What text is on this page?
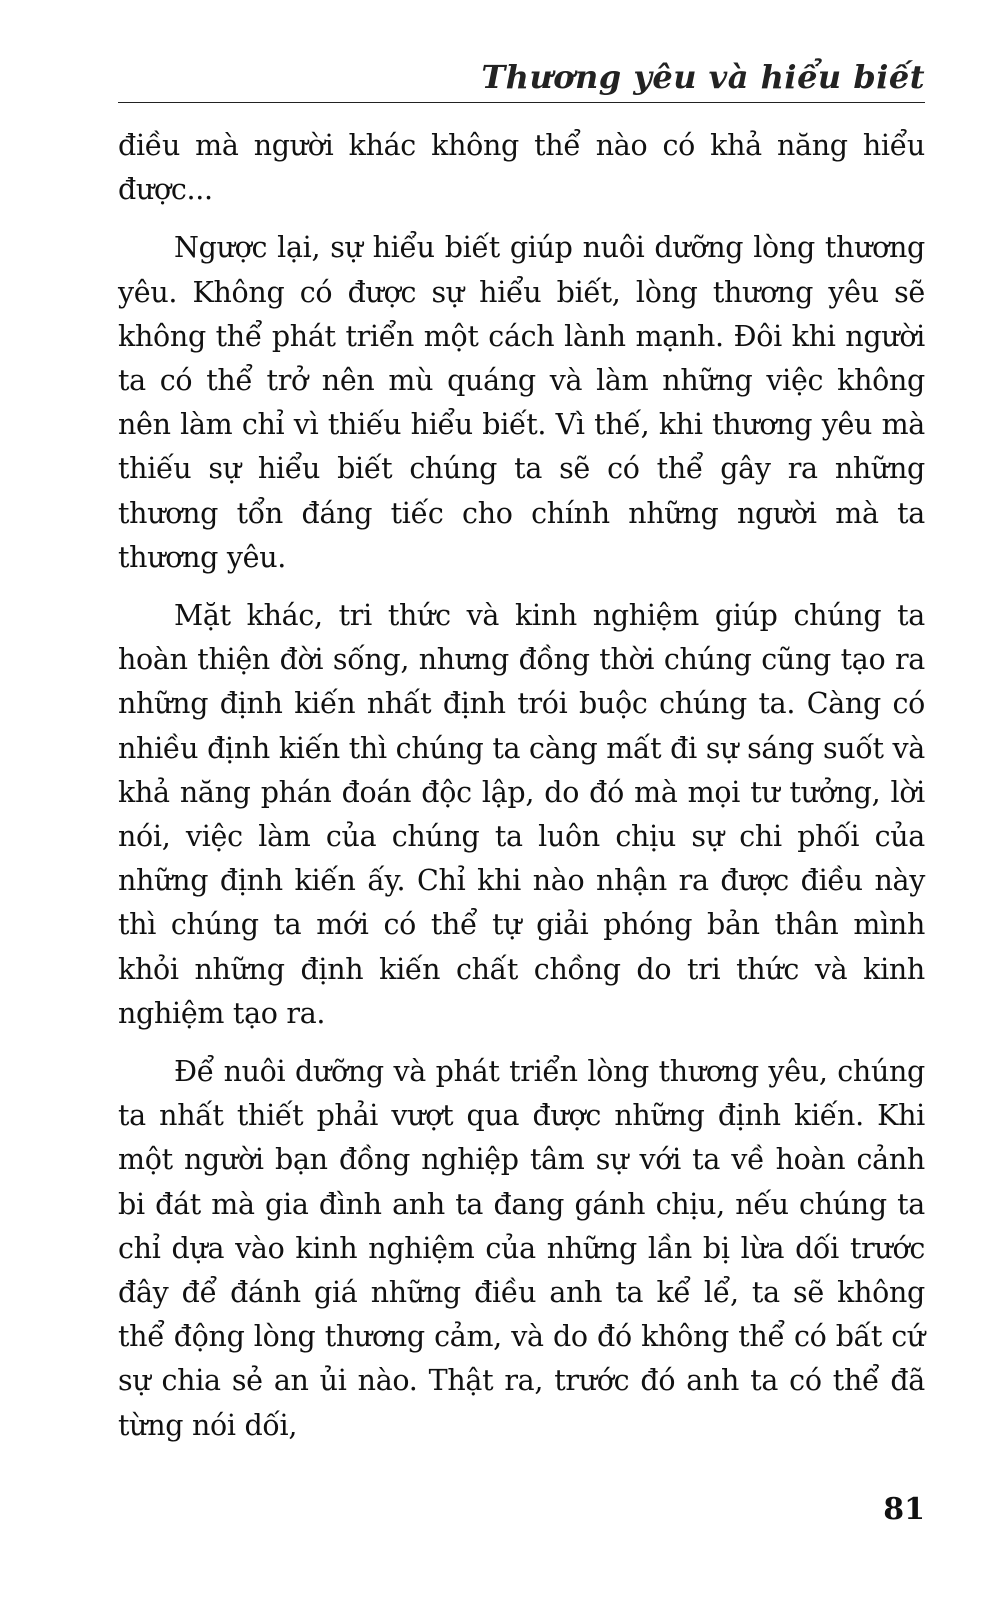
Thương yêu và hiểu biết

điều mà người khác không thể nào có khả năng hiểu được...

Ngược lại, sự hiểu biết giúp nuôi dưỡng lòng thương yêu. Không có được sự hiểu biết, lòng thương yêu sẽ không thể phát triển một cách lành mạnh. Đôi khi người ta có thể trở nên mù quáng và làm những việc không nên làm chỉ vì thiếu hiểu biết. Vì thế, khi thương yêu mà thiếu sự hiểu biết chúng ta sẽ có thể gây ra những thương tổn đáng tiếc cho chính những người mà ta thương yêu.

Mặt khác, tri thức và kinh nghiệm giúp chúng ta hoàn thiện đời sống, nhưng đồng thời chúng cũng tạo ra những định kiến nhất định trói buộc chúng ta. Càng có nhiều định kiến thì chúng ta càng mất đi sự sáng suốt và khả năng phán đoán độc lập, do đó mà mọi tư tưởng, lời nói, việc làm của chúng ta luôn chịu sự chi phối của những định kiến ấy. Chỉ khi nào nhận ra được điều này thì chúng ta mới có thể tự giải phóng bản thân mình khỏi những định kiến chất chồng do tri thức và kinh nghiệm tạo ra.

Để nuôi dưỡng và phát triển lòng thương yêu, chúng ta nhất thiết phải vượt qua được những định kiến. Khi một người bạn đồng nghiệp tâm sự với ta về hoàn cảnh bi đát mà gia đình anh ta đang gánh chịu, nếu chúng ta chỉ dựa vào kinh nghiệm của những lần bị lừa dối trước đây để đánh giá những điều anh ta kể lể, ta sẽ không thể động lòng thương cảm, và do đó không thể có bất cứ sự chia sẻ an ủi nào. Thật ra, trước đó anh ta có thể đã từng nói dối,

81
